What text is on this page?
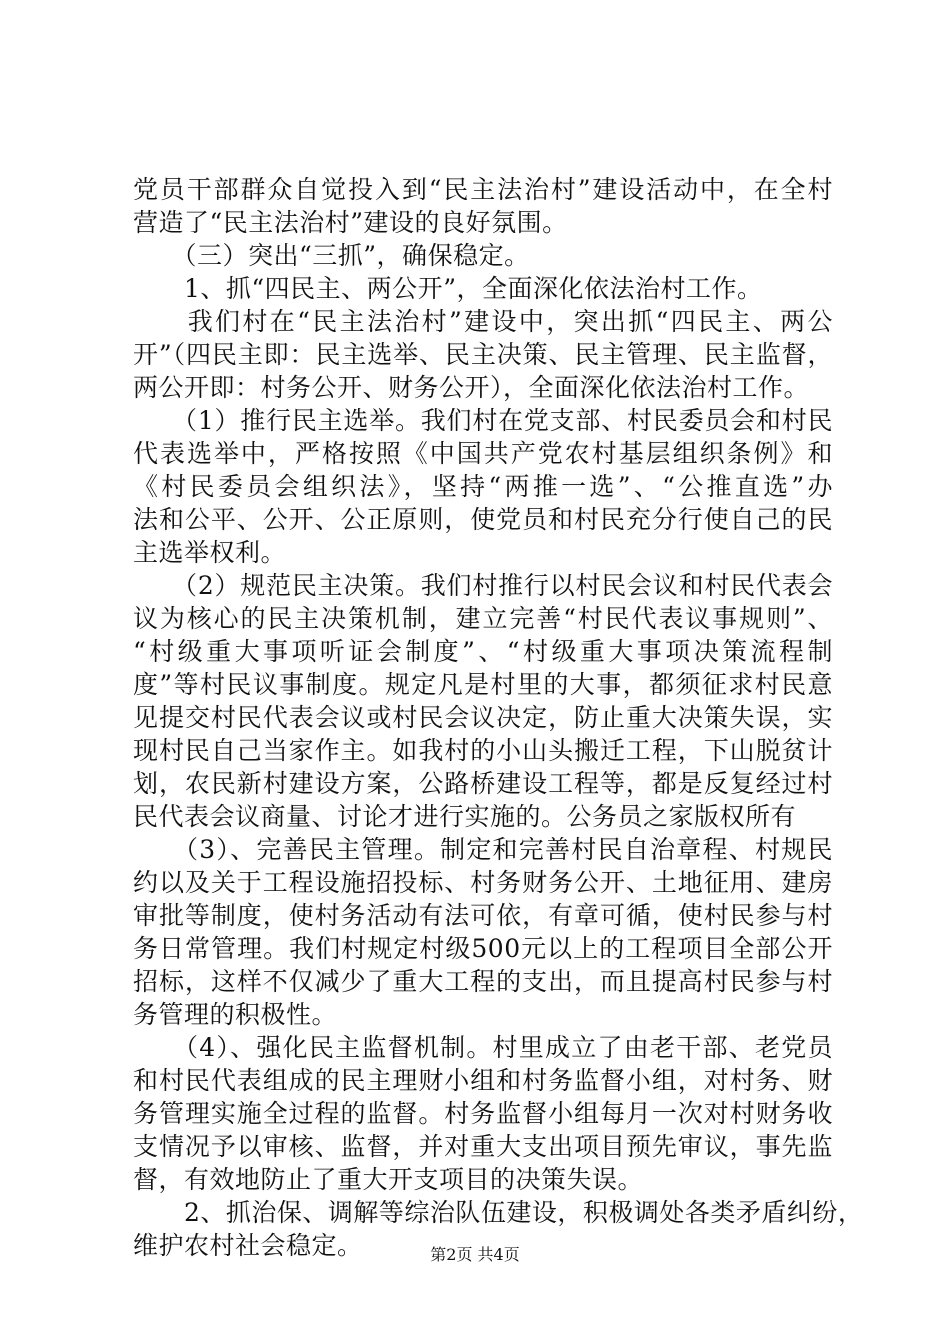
党员干部群众自觉投入到“民主法治村”建设活动中，在全村
营造了“民主法治村”建设的良好氛围。
　　（三）突出“三抓”，确保稳定。
　　1、抓“四民主、两公开”，全面深化依法治村工作。
　　我们村在“民主法治村”建设中，突出抓“四民主、两公
开”（四民主即：民主选举、民主决策、民主管理、民主监督，
两公开即：村务公开、财务公开），全面深化依法治村工作。
　　（1）推行民主选举。我们村在党支部、村民委员会和村民
代表选举中，严格按照《中国共产党农村基层组织条例》和
《村民委员会组织法》，坚持“两推一选”、“公推直选”办
法和公平、公开、公正原则，使党员和村民充分行使自己的民
主选举权利。
　　（2）规范民主决策。我们村推行以村民会议和村民代表会
议为核心的民主决策机制，建立完善“村民代表议事规则”、
“村级重大事项听证会制度”、“村级重大事项决策流程制
度”等村民议事制度。规定凡是村里的大事，都须征求村民意
见提交村民代表会议或村民会议决定，防止重大决策失误，实
现村民自己当家作主。如我村的小山头搬迁工程，下山脱贫计
划，农民新村建设方案，公路桥建设工程等，都是反复经过村
民代表会议商量、讨论才进行实施的。公务员之家版权所有
　　（3）、完善民主管理。制定和完善村民自治章程、村规民
约以及关于工程设施招投标、村务财务公开、土地征用、建房
审批等制度，使村务活动有法可依，有章可循，使村民参与村
务日常管理。我们村规定村级500元以上的工程项目全部公开
招标，这样不仅减少了重大工程的支出，而且提高村民参与村
务管理的积极性。
　　（4）、强化民主监督机制。村里成立了由老干部、老党员
和村民代表组成的民主理财小组和村务监督小组，对村务、财
务管理实施全过程的监督。村务监督小组每月一次对村财务收
支情况予以审核、监督，并对重大支出项目预先审议，事先监
督，有效地防止了重大开支项目的决策失误。
　　2、抓治保、调解等综治队伍建设，积极调处各类矛盾纠纷，
维护农村社会稳定。	第2页 共4页
